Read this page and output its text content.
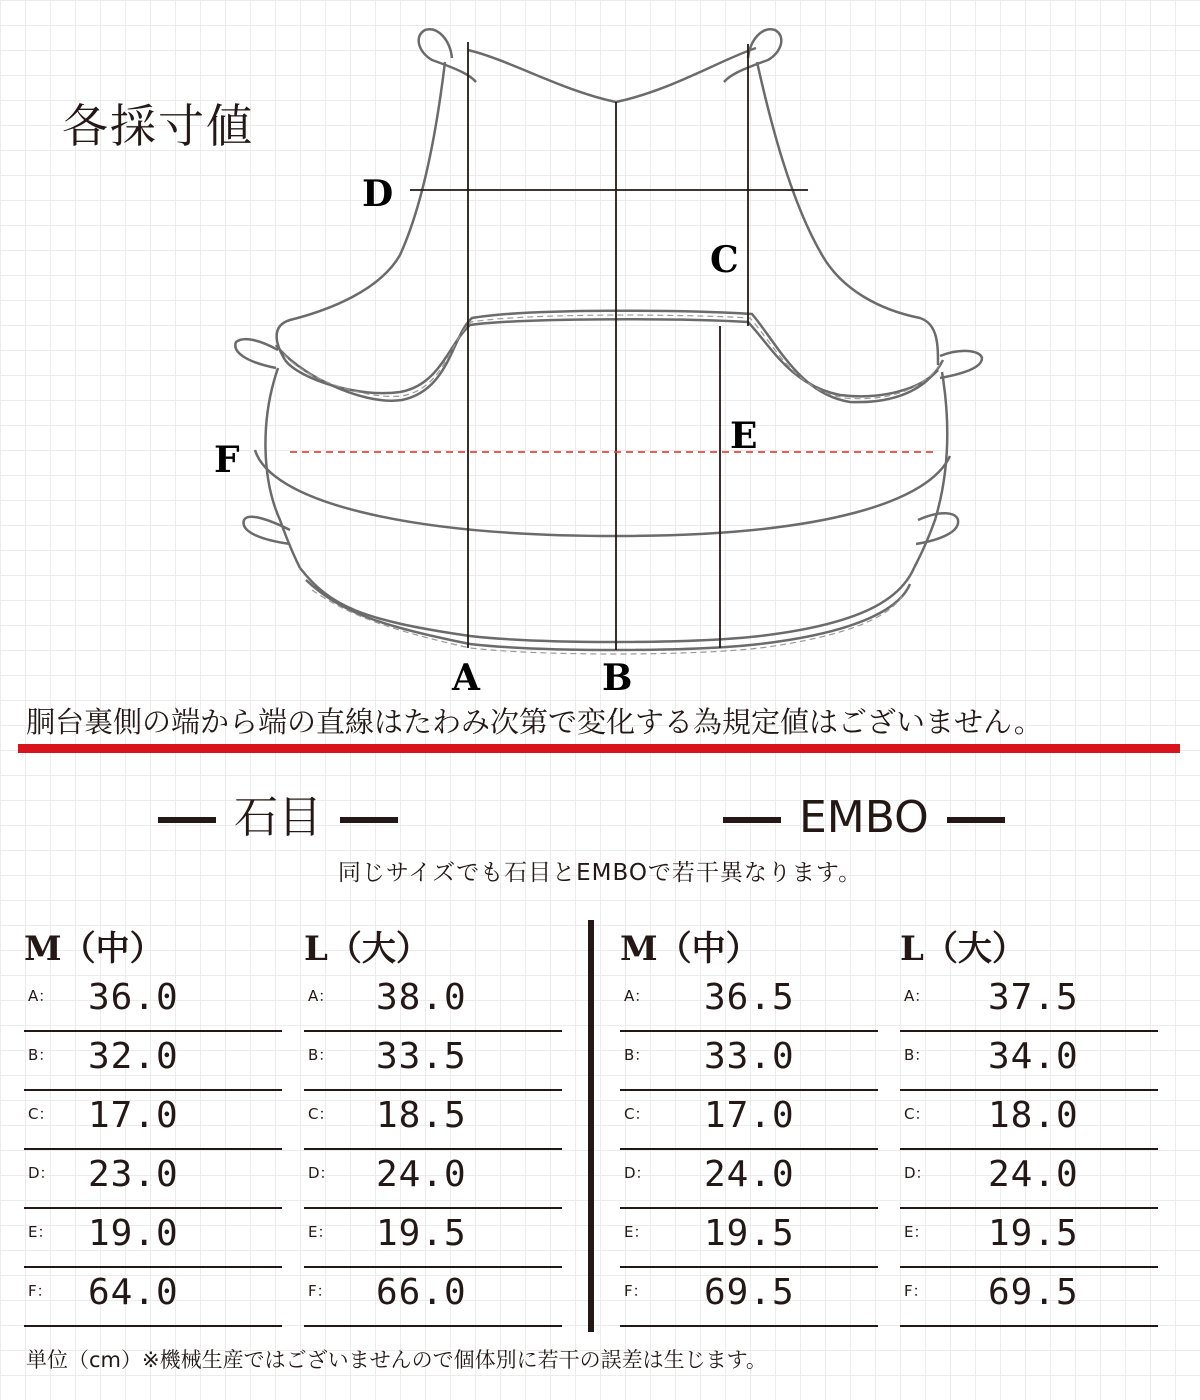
各採寸値
A	B
C
D
E
F
胴台裏側の端から端の直線はたわみ次第で変化する為規定値はございません。
石目	EMBO
同じサイズでも石目とEMBOで若干異なります。
M（中）
A： 36.0
B： 32.0
C： 17.0
D： 23.0
E： 19.0
F： 64.0
L（大）
A： 38.0
B： 33.5
C： 18.5
D： 24.0
E： 19.5
F： 66.0
M（中）
A： 36.5
B： 33.0
C： 17.0
D： 24.0
E： 19.5
F： 69.5
L（大）
A： 37.5
B： 34.0
C： 18.0
D： 24.0
E： 19.5
F： 69.5
単位（cm）※機械生産ではございませんので個体別に若干の誤差は生じます。
